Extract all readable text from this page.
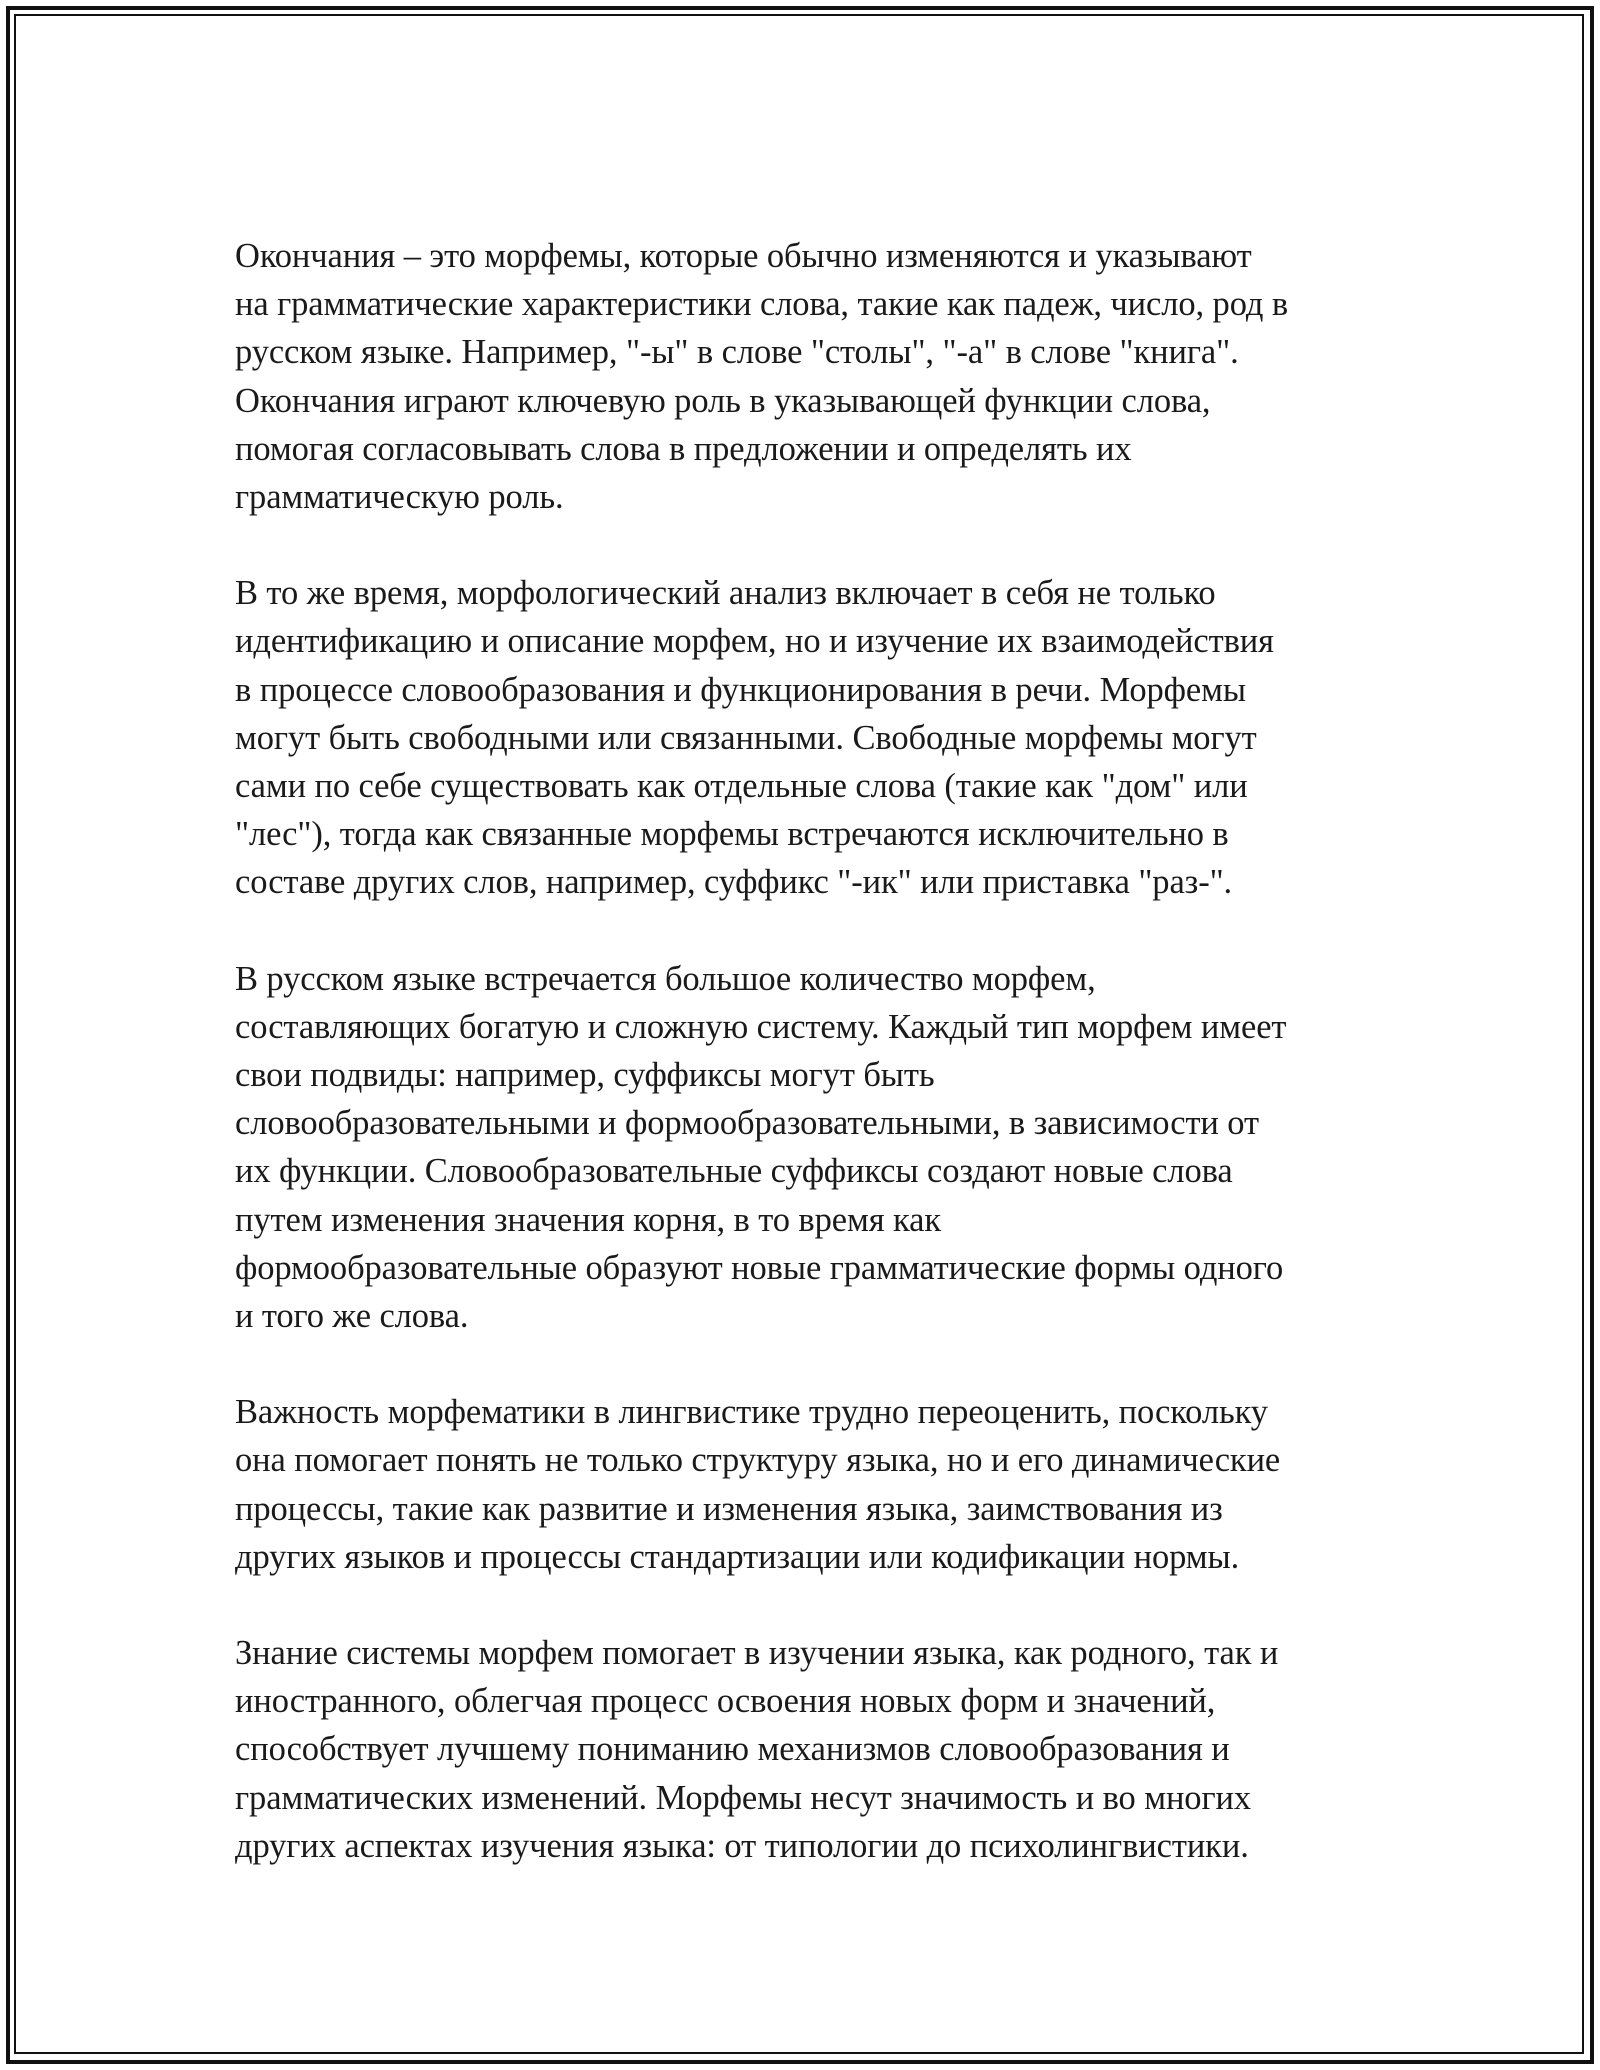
Окончания – это морфемы, которые обычно изменяются и указывают
на грамматические характеристики слова, такие как падеж, число, род в
русском языке. Например, "-ы" в слове "столы", "-а" в слове "книга".
Окончания играют ключевую роль в указывающей функции слова,
помогая согласовывать слова в предложении и определять их
грамматическую роль.

В то же время, морфологический анализ включает в себя не только
идентификацию и описание морфем, но и изучение их взаимодействия
в процессе словообразования и функционирования в речи. Морфемы
могут быть свободными или связанными. Свободные морфемы могут
сами по себе существовать как отдельные слова (такие как "дом" или
"лес"), тогда как связанные морфемы встречаются исключительно в
составе других слов, например, суффикс "-ик" или приставка "раз-".

В русском языке встречается большое количество морфем,
составляющих богатую и сложную систему. Каждый тип морфем имеет
свои подвиды: например, суффиксы могут быть
словообразовательными и формообразовательными, в зависимости от
их функции. Словообразовательные суффиксы создают новые слова
путем изменения значения корня, в то время как
формообразовательные образуют новые грамматические формы одного
и того же слова.

Важность морфематики в лингвистике трудно переоценить, поскольку
она помогает понять не только структуру языка, но и его динамические
процессы, такие как развитие и изменения языка, заимствования из
других языков и процессы стандартизации или кодификации нормы.

Знание системы морфем помогает в изучении языка, как родного, так и
иностранного, облегчая процесс освоения новых форм и значений,
способствует лучшему пониманию механизмов словообразования и
грамматических изменений. Морфемы несут значимость и во многих
других аспектах изучения языка: от типологии до психолингвистики.
